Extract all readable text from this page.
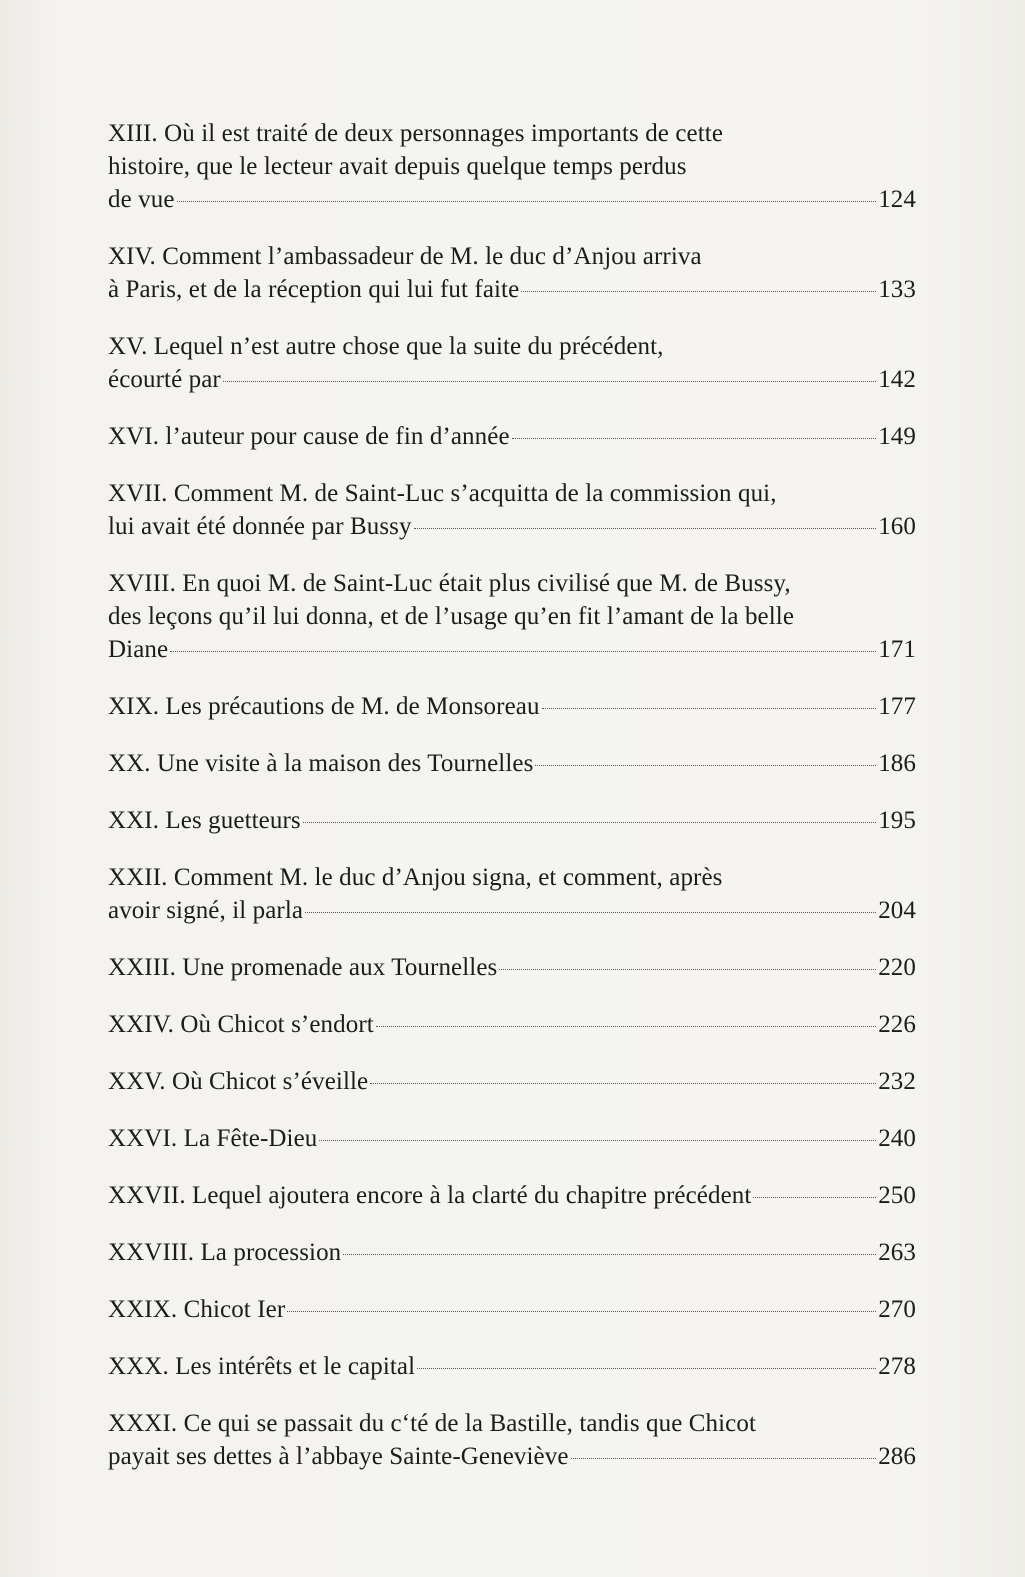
XIII. Où il est traité de deux personnages importants de cette
histoire, que le lecteur avait depuis quelque temps perdus
de vue	124
XIV. Comment l’ambassadeur de M. le duc d’Anjou arriva
à Paris, et de la réception qui lui fut faite	133
XV. Lequel n’est autre chose que la suite du précédent,
écourté par	142
XVI. l’auteur pour cause de fin d’année	149
XVII. Comment M. de Saint-Luc s’acquitta de la commission qui,
lui avait été donnée par Bussy	160
XVIII. En quoi M. de Saint-Luc était plus civilisé que M. de Bussy,
des leçons qu’il lui donna, et de l’usage qu’en fit l’amant de la belle
Diane	171
XIX. Les précautions de M. de Monsoreau	177
XX. Une visite à la maison des Tournelles	186
XXI. Les guetteurs	195
XXII. Comment M. le duc d’Anjou signa, et comment, après
avoir signé, il parla	204
XXIII. Une promenade aux Tournelles	220
XXIV. Où Chicot s’endort	226
XXV. Où Chicot s’éveille	232
XXVI. La Fête-Dieu	240
XXVII. Lequel ajoutera encore à la clarté du chapitre précédent	250
XXVIII. La procession	263
XXIX. Chicot Ier	270
XXX. Les intérêts et le capital	278
XXXI. Ce qui se passait du c‘té de la Bastille, tandis que Chicot
payait ses dettes à l’abbaye Sainte-Geneviève	286
